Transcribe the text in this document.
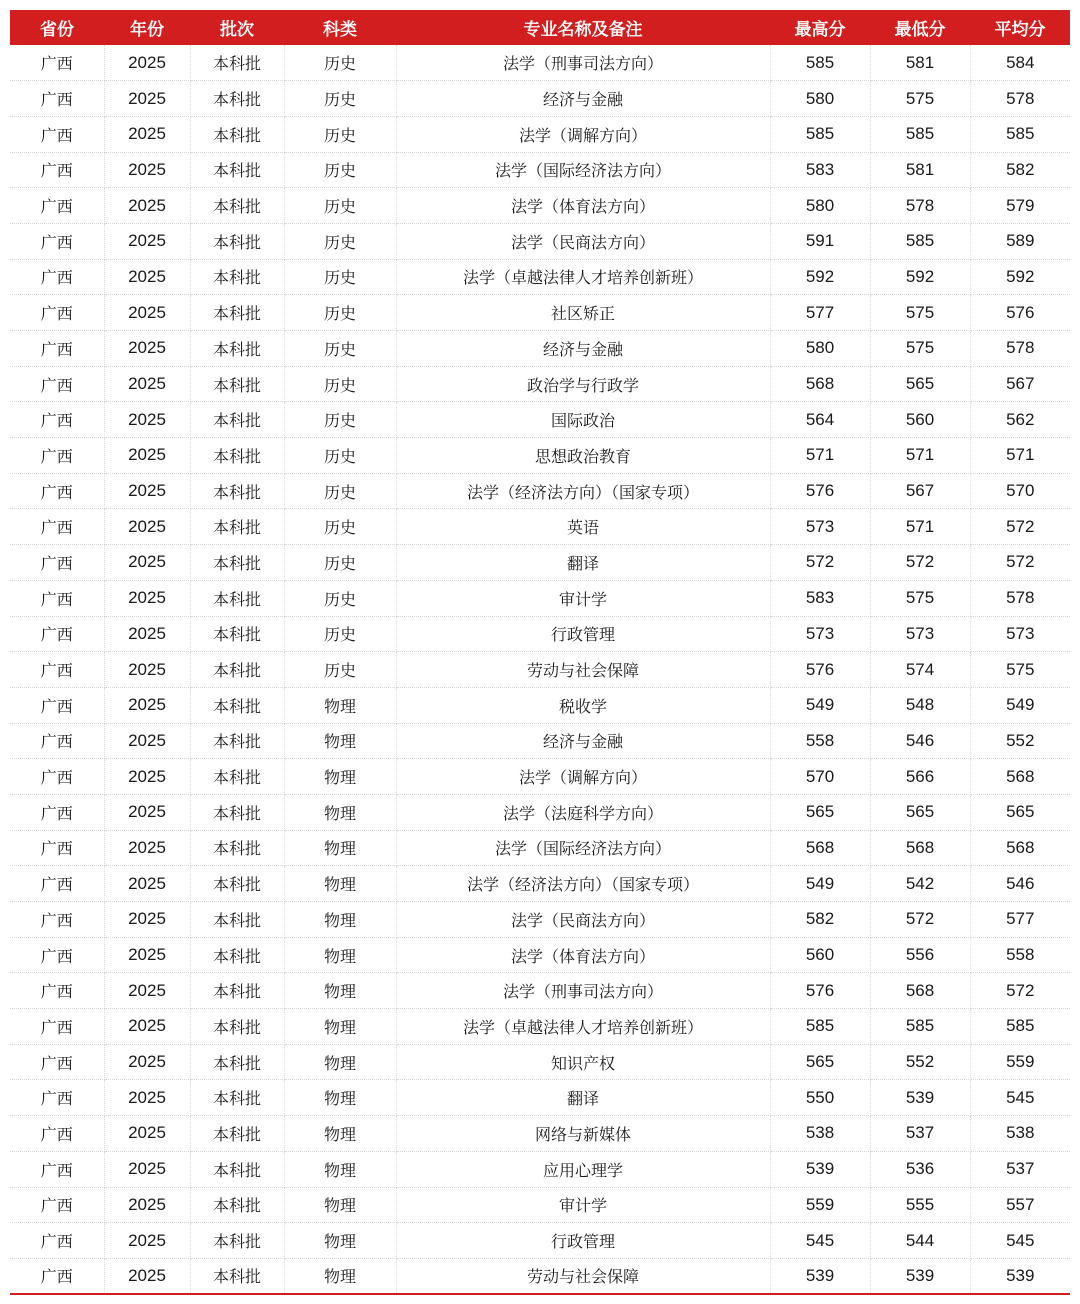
省份	年份	批次	科类	专业名称及备注	最高分	最低分	平均分
广西	2025	本科批	历史	法学（刑事司法方向）	585	581	584
广西	2025	本科批	历史	经济与金融	580	575	578
广西	2025	本科批	历史	法学（调解方向）	585	585	585
广西	2025	本科批	历史	法学（国际经济法方向）	583	581	582
广西	2025	本科批	历史	法学（体育法方向）	580	578	579
广西	2025	本科批	历史	法学（民商法方向）	591	585	589
广西	2025	本科批	历史	法学（卓越法律人才培养创新班）	592	592	592
广西	2025	本科批	历史	社区矫正	577	575	576
广西	2025	本科批	历史	经济与金融	580	575	578
广西	2025	本科批	历史	政治学与行政学	568	565	567
广西	2025	本科批	历史	国际政治	564	560	562
广西	2025	本科批	历史	思想政治教育	571	571	571
广西	2025	本科批	历史	法学（经济法方向）（国家专项）	576	567	570
广西	2025	本科批	历史	英语	573	571	572
广西	2025	本科批	历史	翻译	572	572	572
广西	2025	本科批	历史	审计学	583	575	578
广西	2025	本科批	历史	行政管理	573	573	573
广西	2025	本科批	历史	劳动与社会保障	576	574	575
广西	2025	本科批	物理	税收学	549	548	549
广西	2025	本科批	物理	经济与金融	558	546	552
广西	2025	本科批	物理	法学（调解方向）	570	566	568
广西	2025	本科批	物理	法学（法庭科学方向）	565	565	565
广西	2025	本科批	物理	法学（国际经济法方向）	568	568	568
广西	2025	本科批	物理	法学（经济法方向）（国家专项）	549	542	546
广西	2025	本科批	物理	法学（民商法方向）	582	572	577
广西	2025	本科批	物理	法学（体育法方向）	560	556	558
广西	2025	本科批	物理	法学（刑事司法方向）	576	568	572
广西	2025	本科批	物理	法学（卓越法律人才培养创新班）	585	585	585
广西	2025	本科批	物理	知识产权	565	552	559
广西	2025	本科批	物理	翻译	550	539	545
广西	2025	本科批	物理	网络与新媒体	538	537	538
广西	2025	本科批	物理	应用心理学	539	536	537
广西	2025	本科批	物理	审计学	559	555	557
广西	2025	本科批	物理	行政管理	545	544	545
广西	2025	本科批	物理	劳动与社会保障	539	539	539
